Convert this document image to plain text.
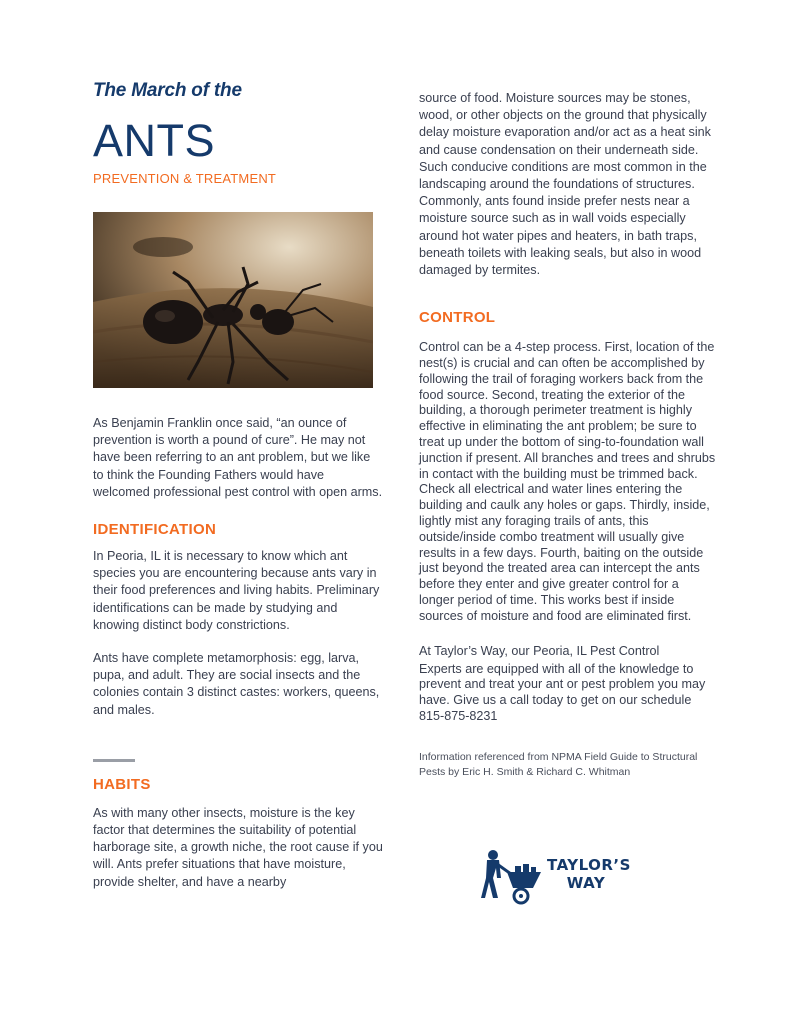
The March of the
ANTS
PREVENTION & TREATMENT

As Benjamin Franklin once said, “an ounce of prevention is worth a pound of cure”. He may not have been referring to an ant problem, but we like to think the Founding Fathers would have welcomed professional pest control with open arms.

IDENTIFICATION

In Peoria, IL it is necessary to know which ant species you are encountering because ants vary in their food preferences and living habits. Preliminary identifications can be made by studying and knowing distinct body constrictions.

Ants have complete metamorphosis: egg, larva, pupa, and adult. They are social insects and the colonies contain 3 distinct castes: workers, queens, and males.

HABITS

As with many other insects, moisture is the key factor that determines the suitability of potential harborage site, a growth niche, the root cause if you will. Ants prefer situations that have moisture, provide shelter, and have a nearby

source of food. Moisture sources may be stones, wood, or other objects on the ground that physically delay moisture evaporation and/or act as a heat sink and cause condensation on their underneath side. Such conducive conditions are most common in the landscaping around the foundations of structures. Commonly, ants found inside prefer nests near a moisture source such as in wall voids especially around hot water pipes and heaters, in bath traps, beneath toilets with leaking seals, but also in wood damaged by termites.

CONTROL

Control can be a 4-step process. First, location of the nest(s) is crucial and can often be accomplished by following the trail of foraging workers back from the food source. Second, treating the exterior of the building, a thorough perimeter treatment is highly effective in eliminating the ant problem; be sure to treat up under the bottom of sing-to-foundation wall junction if present. All branches and trees and shrubs in contact with the building must be trimmed back. Check all electrical and water lines entering the building and caulk any holes or gaps. Thirdly, inside, lightly mist any foraging trails of ants, this outside/inside combo treatment will usually give results in a few days. Fourth, baiting on the outside just beyond the treated area can intercept the ants before they enter and give greater control for a longer period of time. This works best if inside sources of moisture and food are eliminated first.

At Taylor’s Way, our Peoria, IL Pest Control

Experts are equipped with all of the knowledge to prevent and treat your ant or pest problem you may have. Give us a call today to get on our schedule 815-875-8231

Information referenced from NPMA Field Guide to Structural Pests by Eric H. Smith & Richard C. Whitman
TAYLOR’S
WAY
